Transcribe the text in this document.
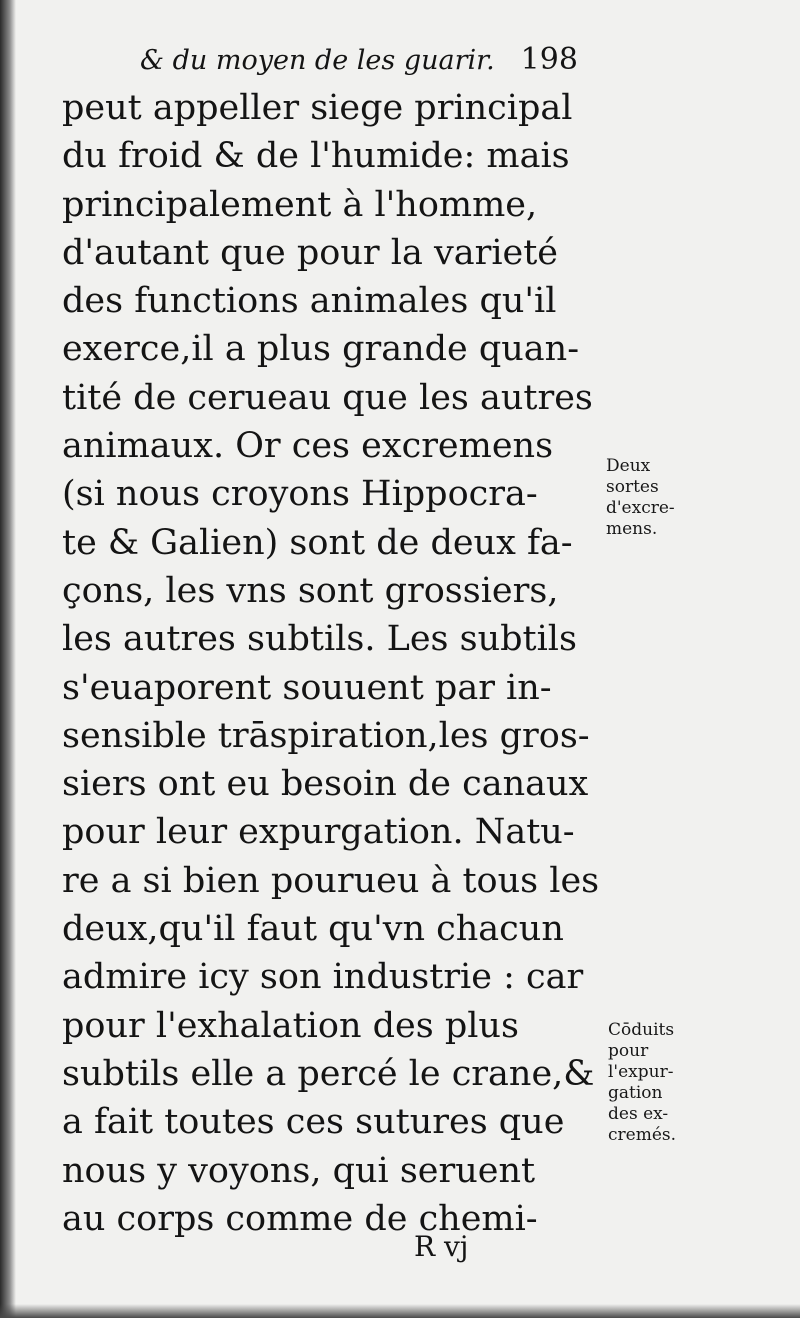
& du moyen de les guarir. 198
peut appeller siege principal
du froid & de l'humide: mais
principalement à l'homme,
d'autant que pour la varieté
des functions animales qu'il
exerce,il a plus grande quan-
tité de cerueau que les autres
animaux. Or ces excremens
(si nous croyons Hippocra-
te & Galien) sont de deux fa-
çons, les vns sont grossiers,
les autres subtils. Les subtils
s'euaporent souuent par in-
sensible trāspiration,les gros-
siers ont eu besoin de canaux
pour leur expurgation. Natu-
re a si bien pourueu à tous les
deux,qu'il faut qu'vn chacun
admire icy son industrie : car
pour l'exhalation des plus
subtils elle a percé le crane,&
a fait toutes ces sutures que
nous y voyons, qui seruent
au corps comme de chemi-
Deux
sortes
d'excre-
mens.
Cōduits
pour
l'expur-
gation
des ex-
cremés.
R vj
